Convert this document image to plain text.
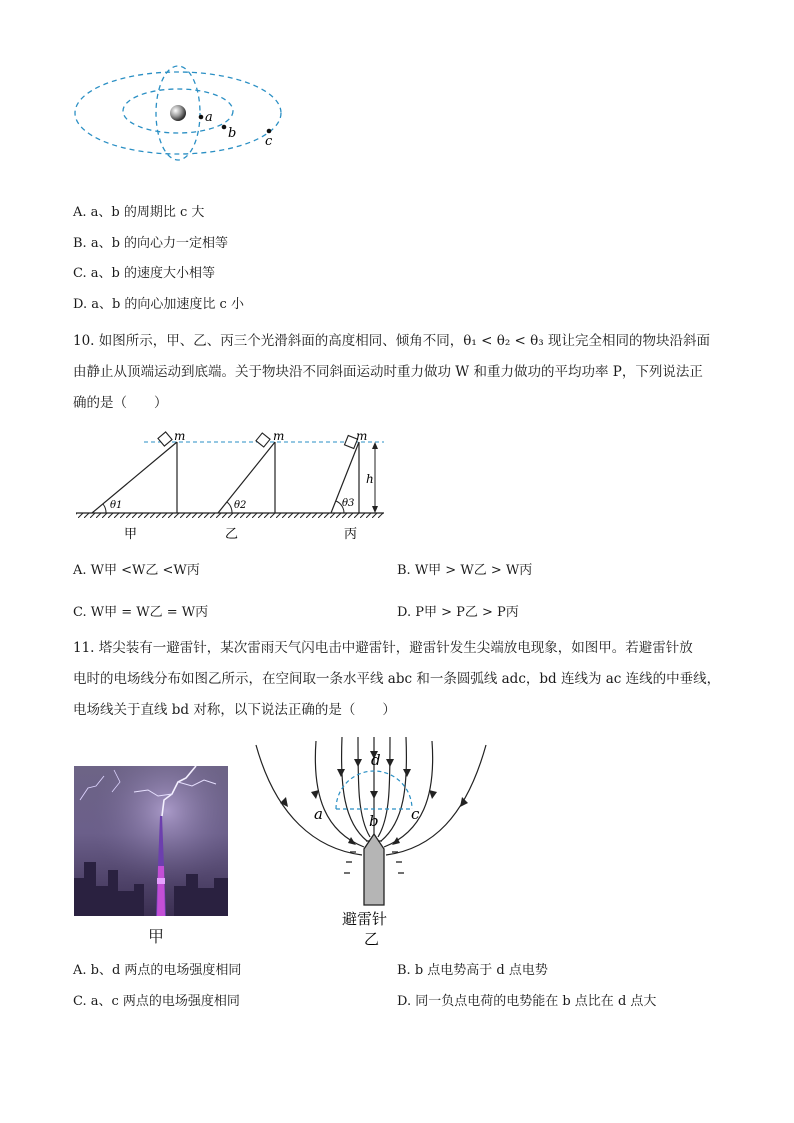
a
b
c
A. a、b 的周期比 c 大
B. a、b 的向心力一定相等
C. a、b 的速度大小相等
D. a、b 的向心加速度比 c 小
10. 如图所示，甲、乙、丙三个光滑斜面的高度相同、倾角不同，θ₁ < θ₂ < θ₃ 现让完全相同的物块沿斜面
由静止从顶端运动到底端。关于物块沿不同斜面运动时重力做功 W 和重力做功的平均功率 P，下列说法正
确的是（　　）
m
θ1
甲
m
θ2
乙
m
θ3
丙
h
A. W甲 <W乙 <W丙	B. W甲 > W乙 > W丙
C. W甲 = W乙 = W丙	D. P甲 > P乙 > P丙
11. 塔尖装有一避雷针，某次雷雨天气闪电击中避雷针，避雷针发生尖端放电现象，如图甲。若避雷针放
电时的电场线分布如图乙所示，在空间取一条水平线 abc 和一条圆弧线 adc，bd 连线为 ac 连线的中垂线，
电场线关于直线 bd 对称，以下说法正确的是（　　）
甲
a	b c
d
避雷针
乙
A. b、d 两点的电场强度相同	B. b 点电势高于 d 点电势
C. a、c 两点的电场强度相同	D. 同一负点电荷的电势能在 b 点比在 d 点大
